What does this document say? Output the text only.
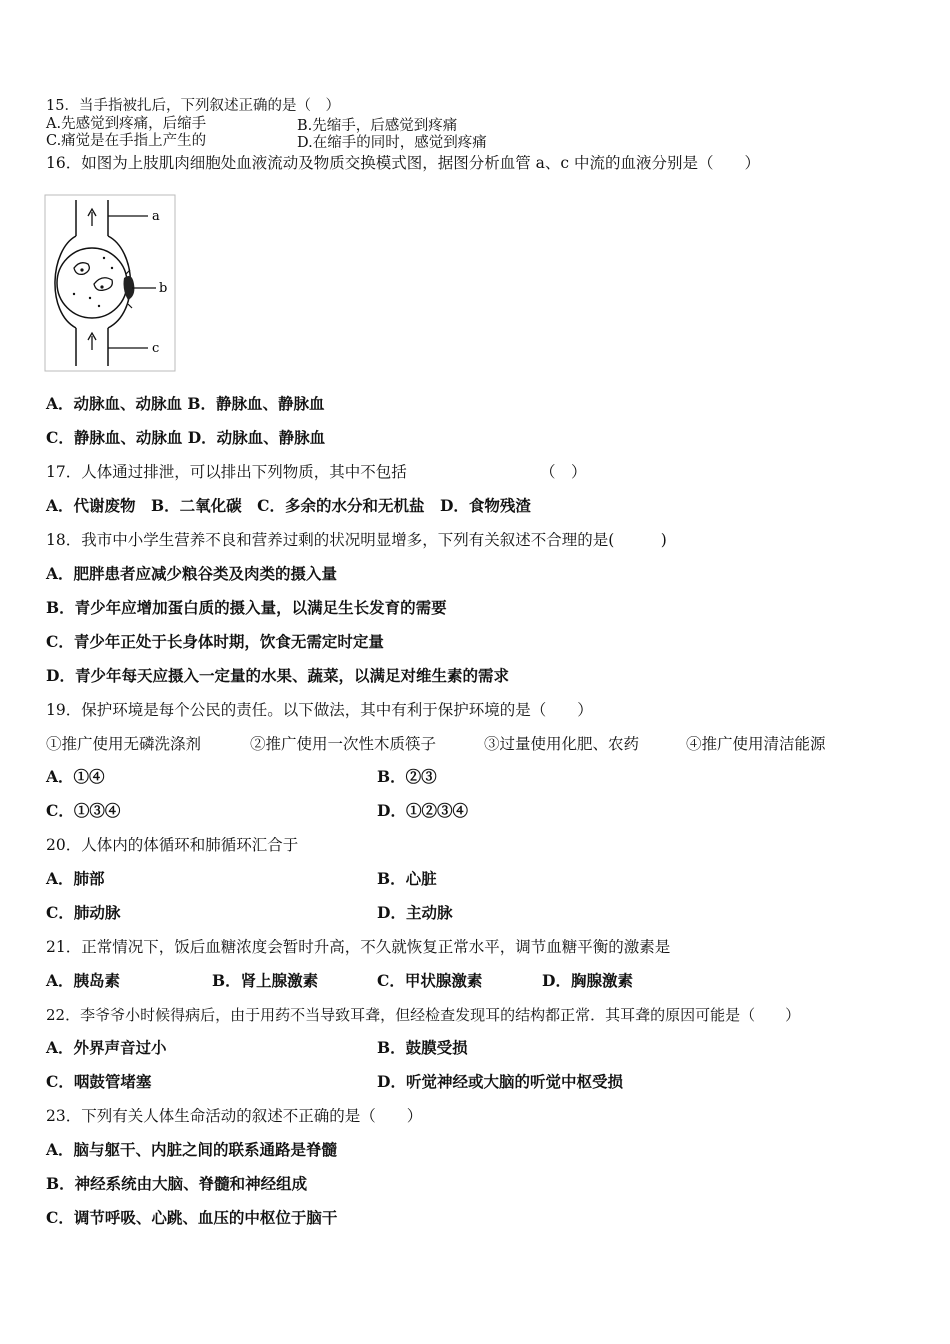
15．当手指被扎后，下列叙述正确的是（　）
A.先感觉到疼痛，后缩手	B.先缩手，后感觉到疼痛
C.痛觉是在手指上产生的	D.在缩手的同时，感觉到疼痛
16．如图为上肢肌肉细胞处血液流动及物质交换模式图，据图分析血管 a、c 中流的血液分别是（　　）
a
b
c
A．动脉血、动脉血 B．静脉血、静脉血
C．静脉血、动脉血 D．动脉血、静脉血
17．人体通过排泄，可以排出下列物质，其中不包括	（　）
A．代谢废物　B．二氧化碳　C．多余的水分和无机盐　D．食物残渣
18．我市中小学生营养不良和营养过剩的状况明显增多，下列有关叙述不合理的是(　　　)
A．肥胖患者应减少粮谷类及肉类的摄入量
B．青少年应增加蛋白质的摄入量，以满足生长发育的需要
C．青少年正处于长身体时期，饮食无需定时定量
D．青少年每天应摄入一定量的水果、蔬菜，以满足对维生素的需求
19．保护环境是每个公民的责任。以下做法，其中有利于保护环境的是（　　）
①推广使用无磷洗涤剂	②推广使用一次性木质筷子	③过量使用化肥、农药	④推广使用清洁能源
A．①④	B．②③
C．①③④	D．①②③④
20．人体内的体循环和肺循环汇合于
A．肺部	B．心脏
C．肺动脉	D．主动脉
21．正常情况下，饭后血糖浓度会暂时升高，不久就恢复正常水平，调节血糖平衡的激素是
A．胰岛素	B．肾上腺激素	C．甲状腺激素	D．胸腺激素
22．李爷爷小时候得病后，由于用药不当导致耳聋，但经检查发现耳的结构都正常．其耳聋的原因可能是（　　）
A．外界声音过小	B．鼓膜受损
C．咽鼓管堵塞	D．听觉神经或大脑的听觉中枢受损
23．下列有关人体生命活动的叙述不正确的是（　　）
A．脑与躯干、内脏之间的联系通路是脊髓
B．神经系统由大脑、脊髓和神经组成
C．调节呼吸、心跳、血压的中枢位于脑干
